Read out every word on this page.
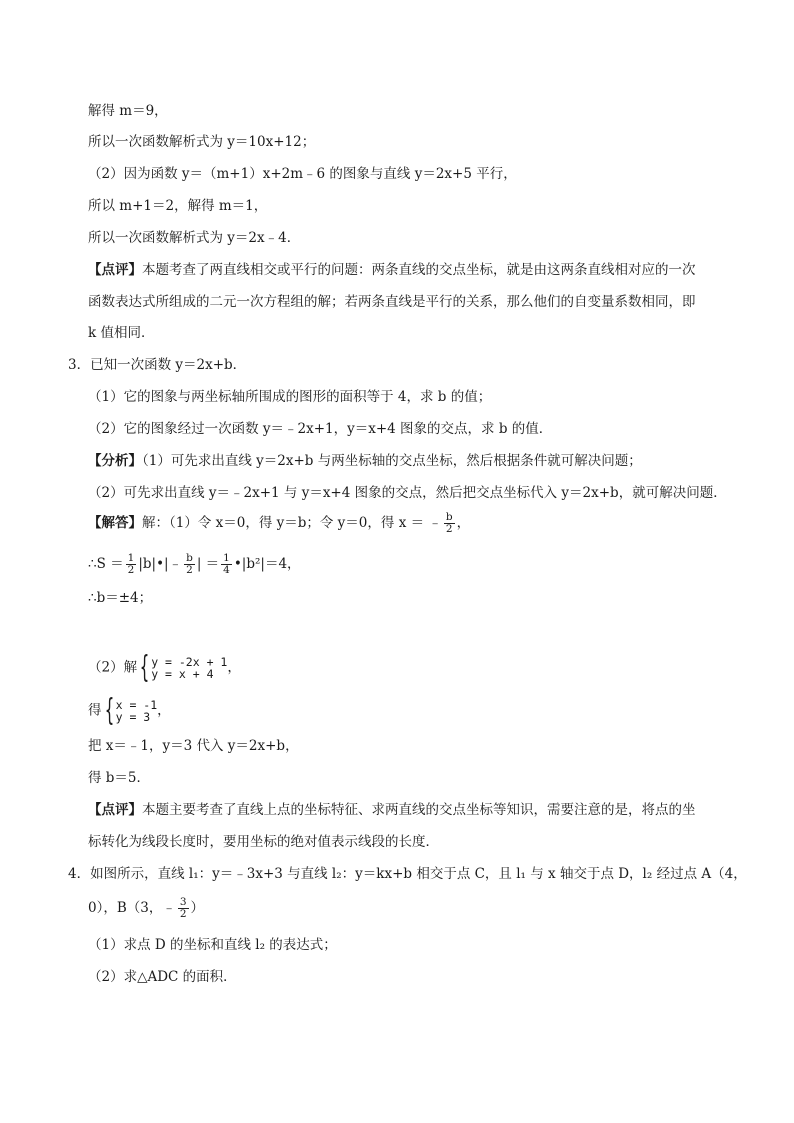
解得 m＝9，
所以一次函数解析式为 y＝10x+12；
（2）因为函数 y＝（m+1）x+2m﹣6 的图象与直线 y＝2x+5 平行，
所以 m+1＝2，解得 m＝1，
所以一次函数解析式为 y＝2x﹣4．
【点评】本题考查了两直线相交或平行的问题：两条直线的交点坐标，就是由这两条直线相对应的一次
函数表达式所组成的二元一次方程组的解；若两条直线是平行的关系，那么他们的自变量系数相同，即
k 值相同．
3．已知一次函数 y＝2x+b．
（1）它的图象与两坐标轴所围成的图形的面积等于 4，求 b 的值；
（2）它的图象经过一次函数 y＝﹣2x+1，y＝x+4 图象的交点，求 b 的值．
【分析】（1）可先求出直线 y＝2x+b 与两坐标轴的交点坐标，然后根据条件就可解决问题；
（2）可先求出直线 y＝﹣2x+1 与 y＝x+4 图象的交点，然后把交点坐标代入 y＝2x+b，就可解决问题．
【解答】解：（1）令 x＝0，得 y＝b；令 y＝0，得 x ＝ ﹣ $\frac{b}{2}$ ，
∴S ＝ $\frac{1}{2}$ |b|•|﹣ $\frac{b}{2}$ | ＝ $\frac{1}{4}$ •|b²|＝4，
∴b＝±4；
（2）解{ y = -2x + 1
y = x + 4	，
得{ x = -1
y = 3 ，
把 x＝﹣1，y＝3 代入 y＝2x+b，
得 b＝5．
【点评】本题主要考查了直线上点的坐标特征、求两直线的交点坐标等知识，需要注意的是，将点的坐
标转化为线段长度时，要用坐标的绝对值表示线段的长度．
4．如图所示，直线 l₁：y＝﹣3x+3 与直线 l₂：y＝kx+b 相交于点 C，且 l₁ 与 x 轴交于点 D，l₂ 经过点 A（4，
0），B（3，﹣ $\frac{3}{2}$ ）
（1）求点 D 的坐标和直线 l₂ 的表达式；
（2）求△ADC 的面积．
